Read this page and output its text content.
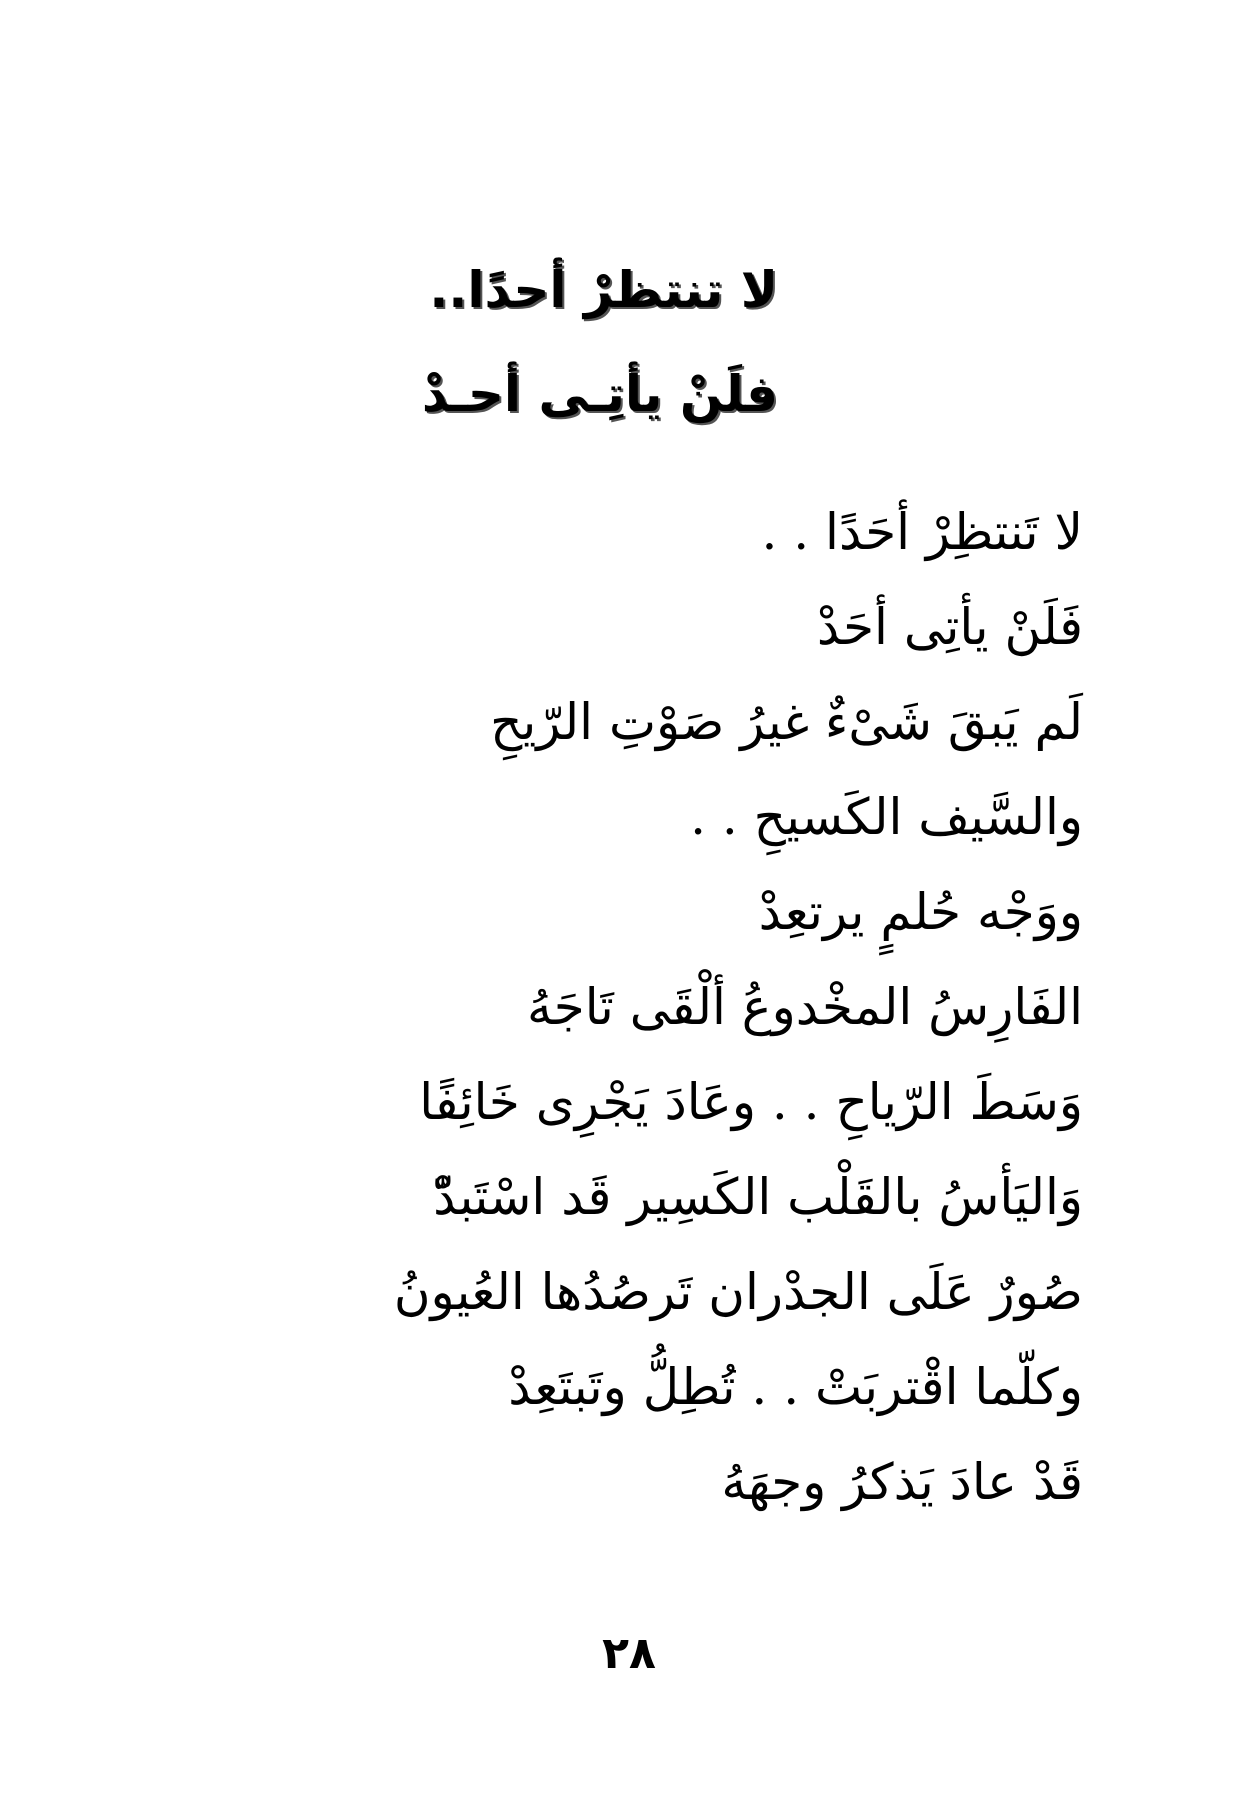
لا تنتظرْ أحدًا..
فلَنْ يأتِـى أحـدْ
لا تَنتظِرْ أحَدًا . .
فَلَنْ يأتِى أحَدْ
لَم يَبقَ شَىْءٌ غيرُ صَوْتِ الرّيحِ
والسَّيف الكَسيحِ . .
ووَجْه حُلمٍ يرتعِدْ
الفَارِسُ المخْدوعُ ألْقَى تَاجَهُ
وَسَطَ الرّياحِ . . وعَادَ يَجْرِى خَائِفًا
وَاليَأسُ بالقَلْب الكَسِير قَد اسْتَبدّْ
صُورٌ عَلَى الجدْران تَرصُدُها العُيونُ
وكلّما اقْتربَتْ . . تُطِلُّ وتَبتَعِدْ
قَدْ عادَ يَذكرُ وجهَهُ
٢٨
